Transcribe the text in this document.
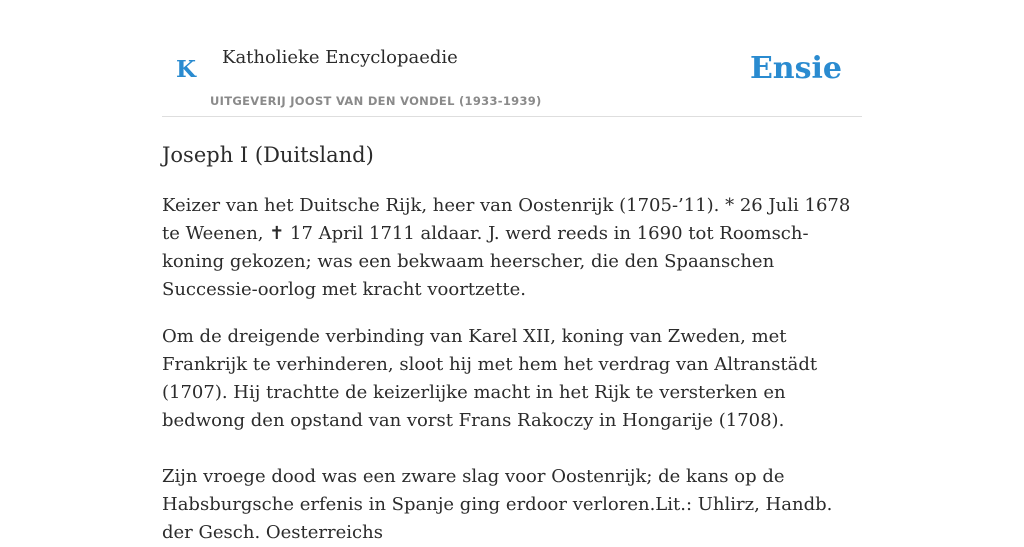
K Katholieke Encyclopaedie
UITGEVERIJ JOOST VAN DEN VONDEL (1933-1939)
Ensie
Joseph I (Duitsland)

Keizer van het Duitsche Rijk, heer van Oostenrijk (1705-’11). * 26 Juli 1678 te Weenen, ✝ 17 April 1711 aldaar. J. werd reeds in 1690 tot Roomsch-koning gekozen; was een bekwaam heerscher, die den Spaanschen Successie-oorlog met kracht voortzette.

Om de dreigende verbinding van Karel XII, koning van Zweden, met Frankrijk te verhinderen, sloot hij met hem het verdrag van Altranstädt (1707). Hij trachtte de keizerlijke macht in het Rijk te versterken en bedwong den opstand van vorst Frans Rakoczy in Hongarije (1708).

Zijn vroege dood was een zware slag voor Oostenrijk; de kans op de Habsburgsche erfenis in Spanje ging erdoor verloren.Lit.: Uhlirz, Handb. der Gesch. Oesterreichs
